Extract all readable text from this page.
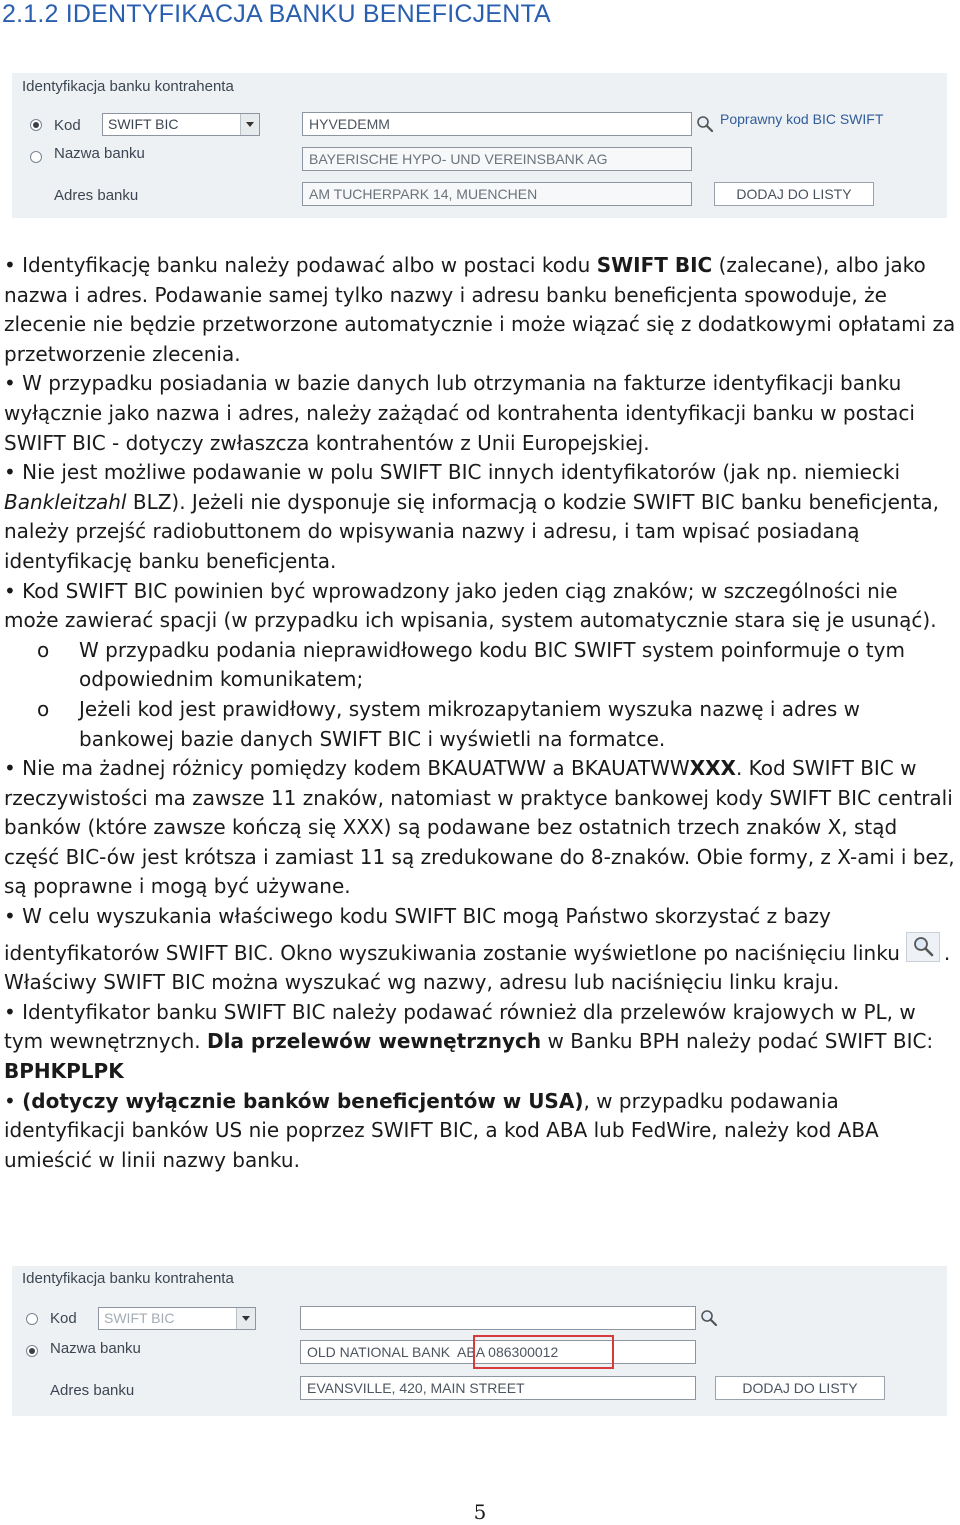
2.1.2 IDENTYFIKACJA BANKU BENEFICJENTA
Identyfikacja banku kontrahenta
Kod	SWIFT BIC	HYVEDEMM	Poprawny kod BIC SWIFT
Nazwa banku	BAYERISCHE HYPO- UND VEREINSBANK AG
Adres banku	AM TUCHERPARK 14, MUENCHEN	DODAJ DO LISTY

• Identyfikację banku należy podawać albo w postaci kodu SWIFT BIC (zalecane), albo jako nazwa i adres. Podawanie samej tylko nazwy i adresu banku beneficjenta spowoduje, że zlecenie nie będzie przetworzone automatycznie i może wiązać się z dodatkowymi opłatami za przetworzenie zlecenia.

• W przypadku posiadania w bazie danych lub otrzymania na fakturze identyfikacji banku wyłącznie jako nazwa i adres, należy zażądać od kontrahenta identyfikacji banku w postaci SWIFT BIC - dotyczy zwłaszcza kontrahentów z Unii Europejskiej.

• Nie jest możliwe podawanie w polu SWIFT BIC innych identyfikatorów (jak np. niemiecki Bankleitzahl BLZ). Jeżeli nie dysponuje się informacją o kodzie SWIFT BIC banku beneficjenta, należy przejść radiobuttonem do wpisywania nazwy i adresu, i tam wpisać posiadaną identyfikację banku beneficjenta.

• Kod SWIFT BIC powinien być wprowadzony jako jeden ciąg znaków; w szczególności nie może zawierać spacji (w przypadku ich wpisania, system automatycznie stara się je usunąć).

o W przypadku podania nieprawidłowego kodu BIC SWIFT system poinformuje o tym odpowiednim komunikatem;

o Jeżeli kod jest prawidłowy, system mikrozapytaniem wyszuka nazwę i adres w bankowej bazie danych SWIFT BIC i wyświetli na formatce.

• Nie ma żadnej różnicy pomiędzy kodem BKAUATWW a BKAUATWWXXX. Kod SWIFT BIC w rzeczywistości ma zawsze 11 znaków, natomiast w praktyce bankowej kody SWIFT BIC centrali banków (które zawsze kończą się XXX) są podawane bez ostatnich trzech znaków X, stąd część BIC-ów jest krótsza i zamiast 11 są zredukowane do 8-znaków. Obie formy, z X-ami i bez, są poprawne i mogą być używane.

• W celu wyszukania właściwego kodu SWIFT BIC mogą Państwo skorzystać z bazy identyfikatorów SWIFT BIC. Okno wyszukiwania zostanie wyświetlone po naciśnięciu linku . Właściwy SWIFT BIC można wyszukać wg nazwy, adresu lub naciśnięciu linku kraju.

• Identyfikator banku SWIFT BIC należy podawać również dla przelewów krajowych w PL, w tym wewnętrznych. Dla przelewów wewnętrznych w Banku BPH należy podać SWIFT BIC: BPHKPLPK

• (dotyczy wyłącznie banków beneficjentów w USA), w przypadku podawania identyfikacji banków US nie poprzez SWIFT BIC, a kod ABA lub FedWire, należy kod ABA umieścić w linii nazwy banku.

Identyfikacja banku kontrahenta
Kod	SWIFT BIC
Nazwa banku	OLD NATIONAL BANK ABA 086300012
Adres banku	EVANSVILLE, 420, MAIN STREET	DODAJ DO LISTY
5
